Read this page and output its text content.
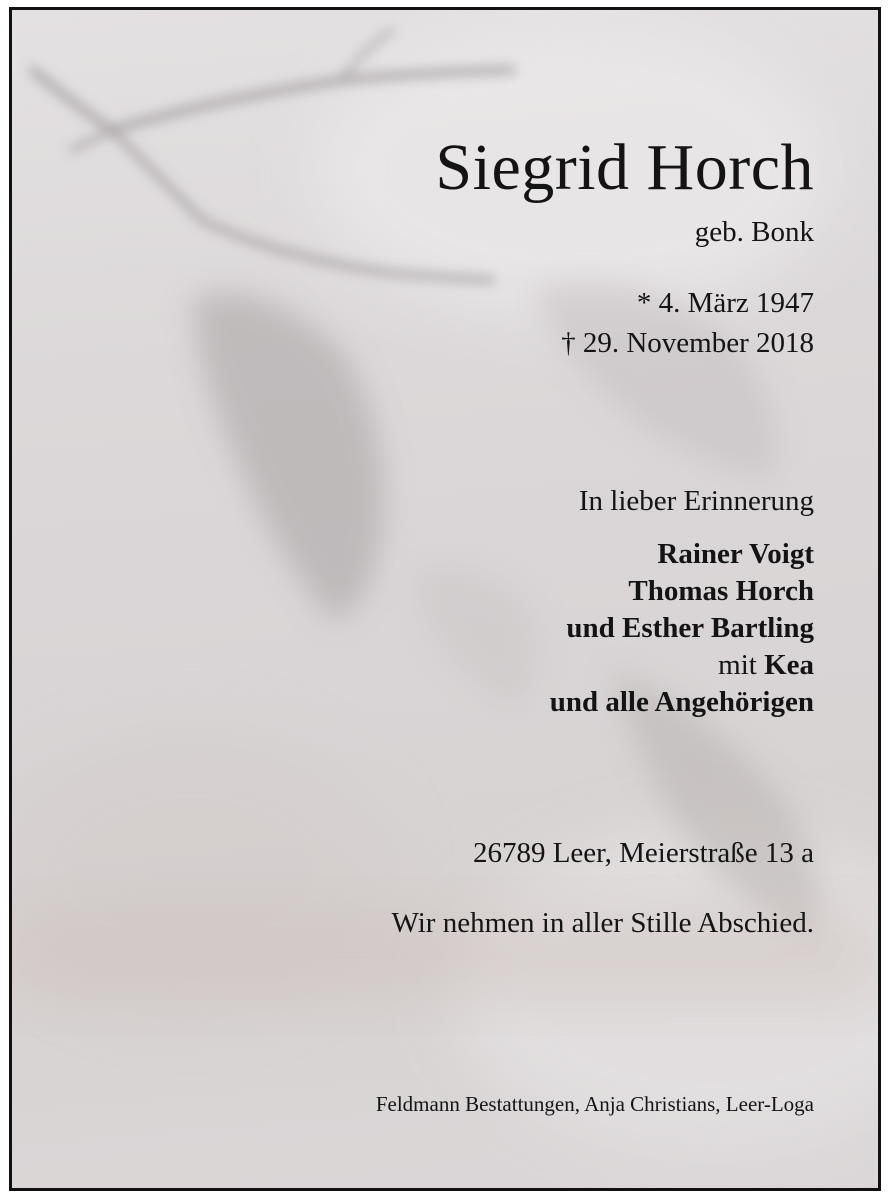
Siegrid Horch
geb. Bonk
* 4. März 1947
† 29. November 2018
In lieber Erinnerung
Rainer Voigt
Thomas Horch
und Esther Bartling
mit Kea
und alle Angehörigen
26789 Leer, Meierstraße 13 a
Wir nehmen in aller Stille Abschied.
Feldmann Bestattungen, Anja Christians, Leer-Loga
